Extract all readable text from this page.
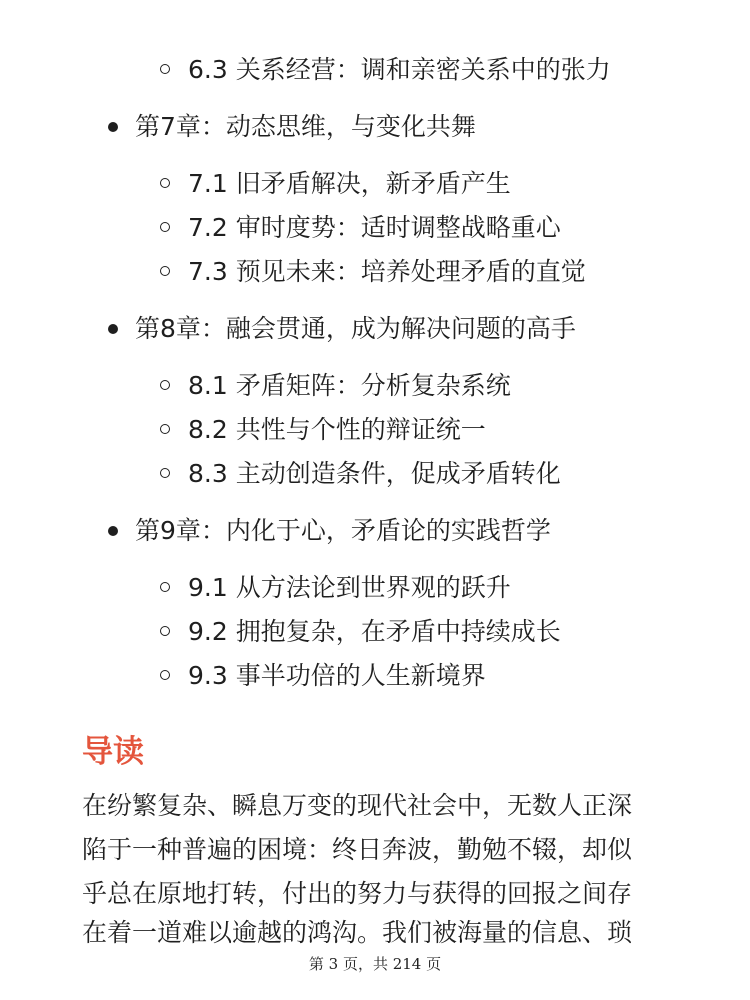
6.3 关系经营：调和亲密关系中的张力
第7章：动态思维，与变化共舞
7.1 旧矛盾解决，新矛盾产生
7.2 审时度势：适时调整战略重心
7.3 预见未来：培养处理矛盾的直觉
第8章：融会贯通，成为解决问题的高手
8.1 矛盾矩阵：分析复杂系统
8.2 共性与个性的辩证统一
8.3 主动创造条件，促成矛盾转化
第9章：内化于心，矛盾论的实践哲学
9.1 从方法论到世界观的跃升
9.2 拥抱复杂，在矛盾中持续成长
9.3 事半功倍的人生新境界
导读
在纷繁复杂、瞬息万变的现代社会中，无数人正深
陷于一种普遍的困境：终日奔波，勤勉不辍，却似
乎总在原地打转，付出的努力与获得的回报之间存
在着一道难以逾越的鸿沟。我们被海量的信息、琐
第 3 页，共 214 页
